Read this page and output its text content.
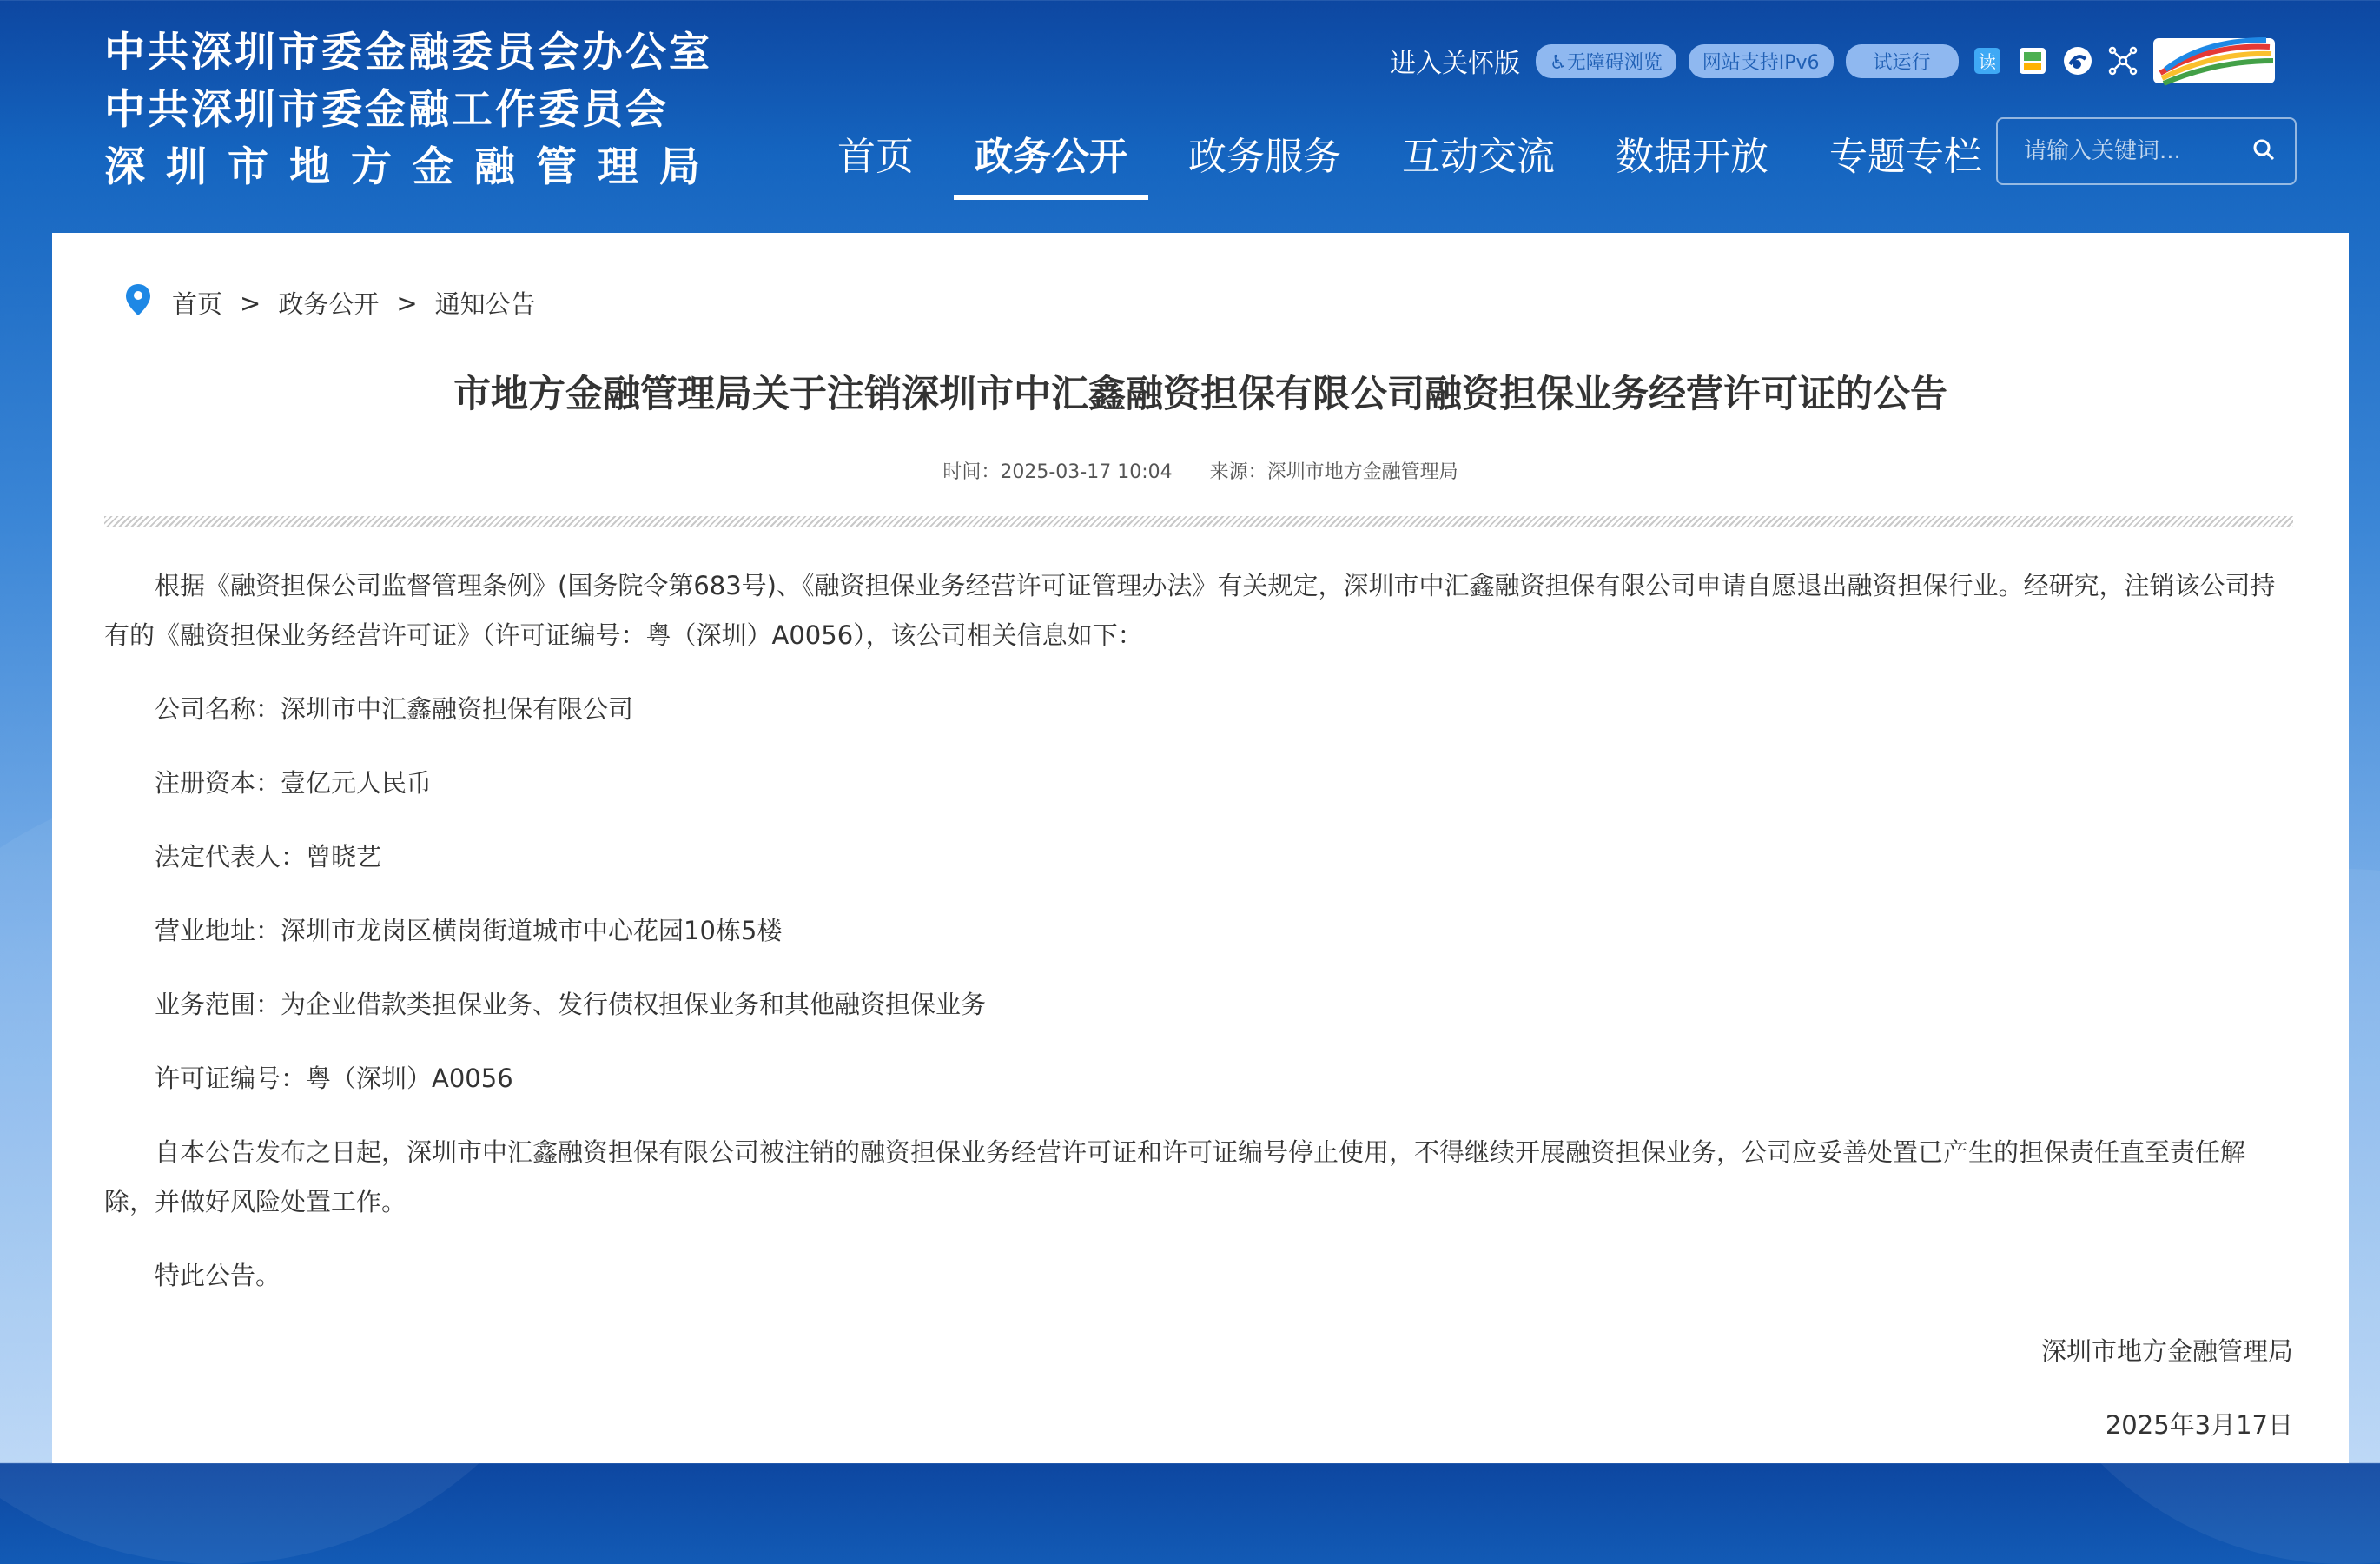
中共深圳市委金融委员会办公室
中共深圳市委金融工作委员会
深圳市地方金融管理局
进入关怀版	♿无障碍浏览	网站支持IPv6	试运行	读
首页	政务公开	政务服务	互动交流	数据开放	专题专栏
请输入关键词...
首页 > 政务公开 > 通知公告
市地方金融管理局关于注销深圳市中汇鑫融资担保有限公司融资担保业务经营许可证的公告
时间：2025-03-17 10:04 来源：深圳市地方金融管理局

根据《融资担保公司监督管理条例》(国务院令第683号)、《融资担保业务经营许可证管理办法》有关规定，深圳市中汇鑫融资担保有限公司申请自愿退出融资担保行业。经研究，注销该公司持有的《融资担保业务经营许可证》（许可证编号：粤（深圳）A0056），该公司相关信息如下：

公司名称：深圳市中汇鑫融资担保有限公司

注册资本：壹亿元人民币

法定代表人：曾晓艺

营业地址：深圳市龙岗区横岗街道城市中心花园10栋5楼

业务范围：为企业借款类担保业务、发行债权担保业务和其他融资担保业务

许可证编号：粤（深圳）A0056

自本公告发布之日起，深圳市中汇鑫融资担保有限公司被注销的融资担保业务经营许可证和许可证编号停止使用，不得继续开展融资担保业务，公司应妥善处置已产生的担保责任直至责任解除，并做好风险处置工作。

特此公告。

深圳市地方金融管理局

2025年3月17日
